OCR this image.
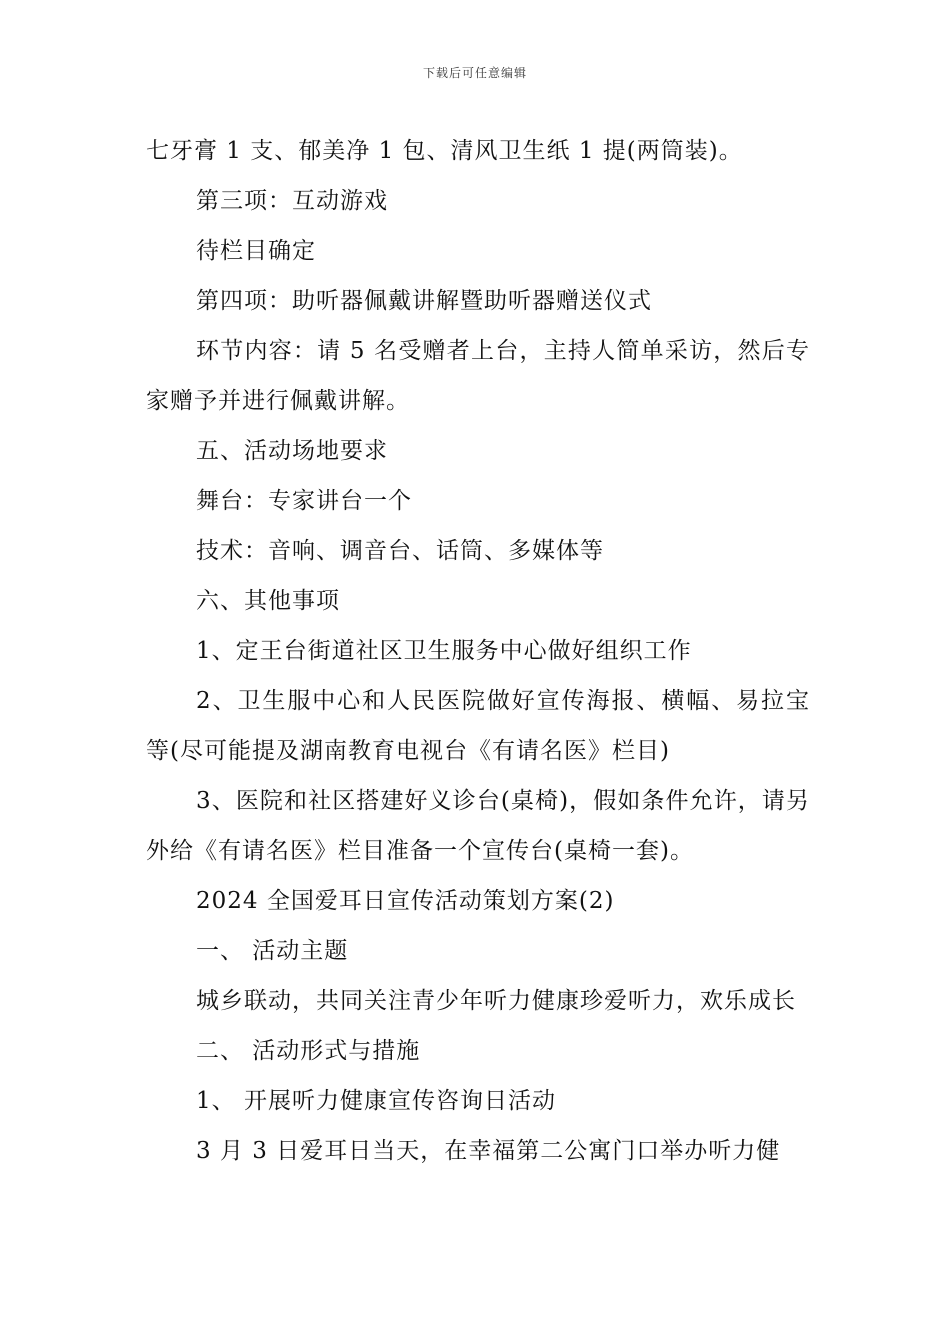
下载后可任意编辑

七牙膏 1 支、郁美净 1 包、清风卫生纸 1 提(两筒装)。

第三项：互动游戏

待栏目确定

第四项：助听器佩戴讲解暨助听器赠送仪式

环节内容：请 5 名受赠者上台，主持人简单采访，然后专家赠予并进行佩戴讲解。

五、活动场地要求

舞台：专家讲台一个

技术：音响、调音台、话筒、多媒体等

六、其他事项

1、定王台街道社区卫生服务中心做好组织工作

2、卫生服中心和人民医院做好宣传海报、横幅、易拉宝等(尽可能提及湖南教育电视台《有请名医》栏目)

3、医院和社区搭建好义诊台(桌椅)，假如条件允许，请另外给《有请名医》栏目准备一个宣传台(桌椅一套)。

2024 全国爱耳日宣传活动策划方案(2)

一、 活动主题

城乡联动，共同关注青少年听力健康珍爱听力，欢乐成长

二、 活动形式与措施

1、 开展听力健康宣传咨询日活动

3 月 3 日爱耳日当天，在幸福第二公寓门口举办听力健
